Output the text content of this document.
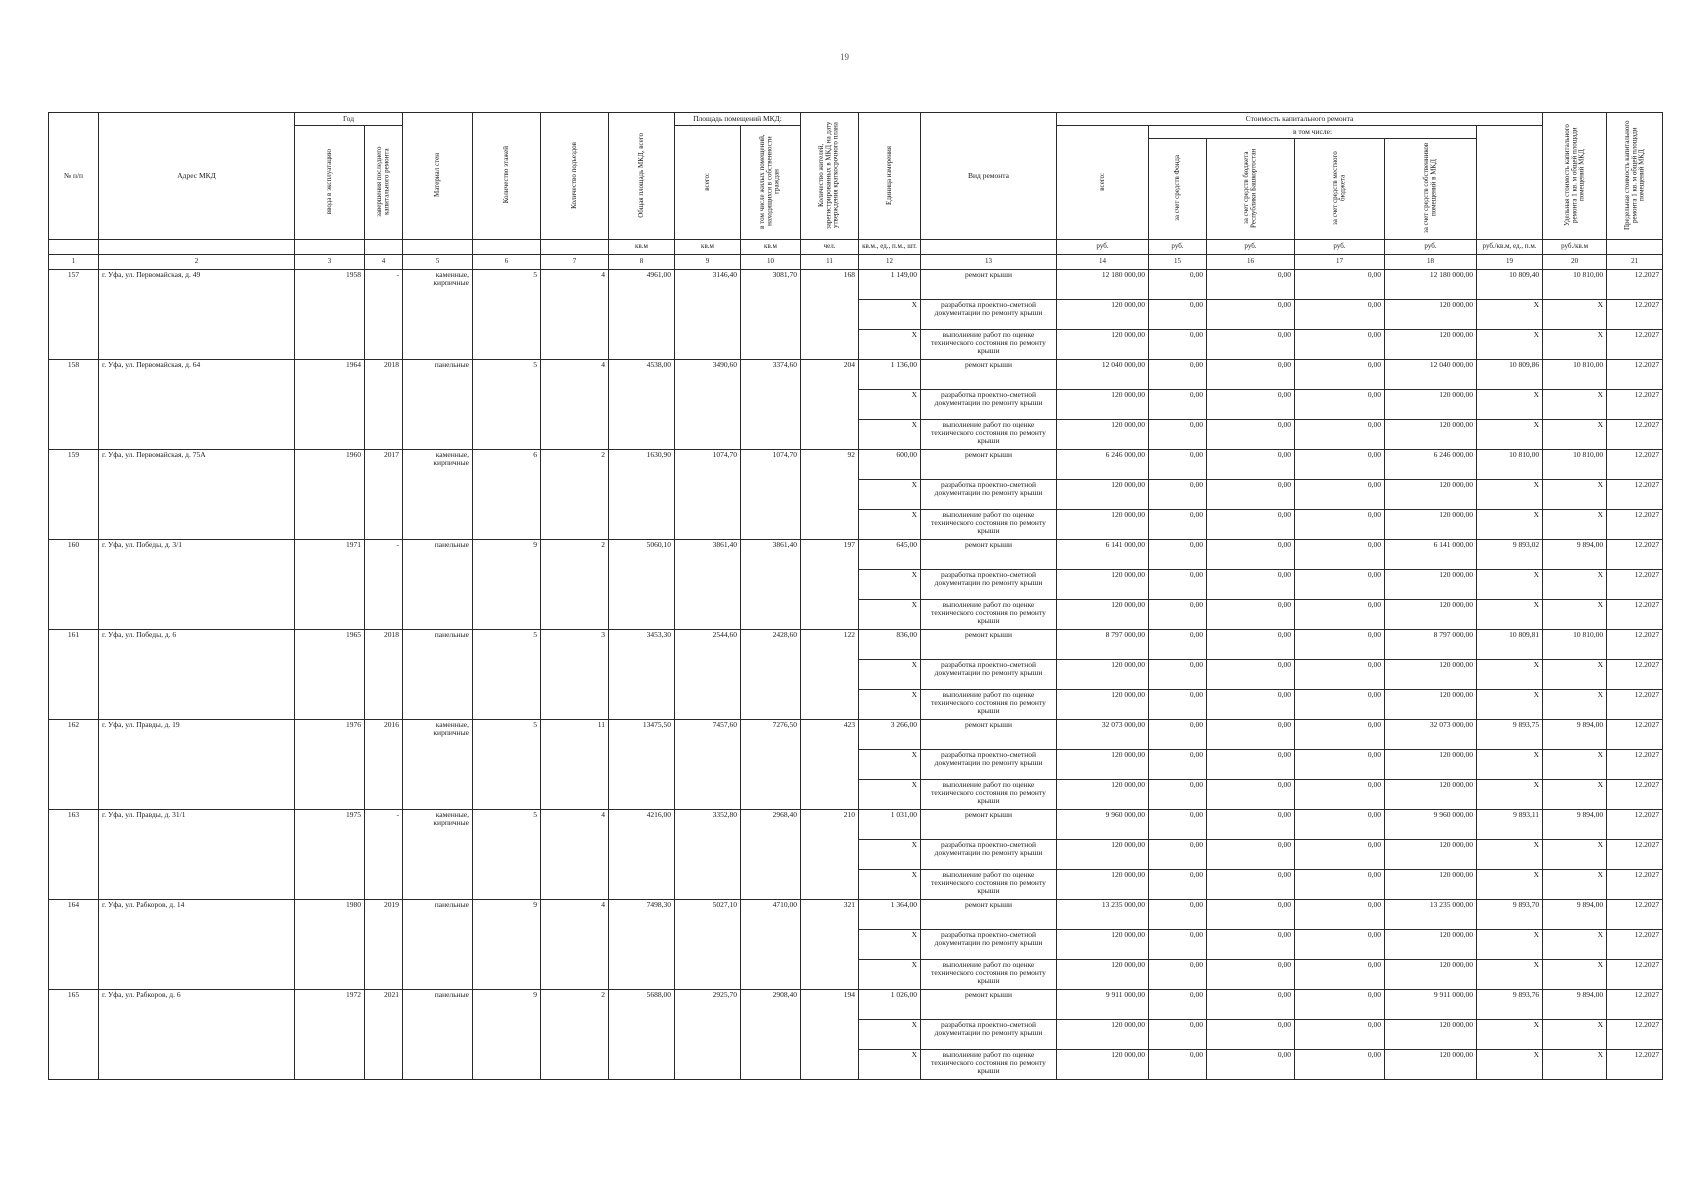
19
№ п/п	Адрес МКД	Год		Материал стен	Количество этажей	Количество подъездов	Общая площадь МКД, всего	Площадь помещений МКД:		Количество жителей, зарегистрированных в МКД на дату утверждения краткосрочного плана	Единица измерения	Вид ремонта	Стоимость капитального ремонта						Удельная стоимость капитального ремонта 1 кв. м общей площади помещений МКД	Предельная стоимость капитального ремонта 1 кв. м общей площади помещений МКД	
		ввода в эксплуатацию	завершения последнего капитального ремонта					всего:	в том числе жилых помещений, находящихся в собственности граждан				всего:	в том числе:							
														за счет средств Фонда	за счет средств бюджета Республики Башкортостан	за счет средств местного бюджета	за счет средств собственников помещений в МКД				
							кв.м	кв.м	кв.м	чел.	кв.м., ед., п.м., шт.		руб.	руб.	руб.	руб.	руб.	руб./кв.м, ед., п.м.	руб./кв.м		
1	2	3	4	5	6	7	8	9	10	11	12	13	14	15	16	17	18	19	20	21	
157	г. Уфа, ул. Первомайская, д. 49	1958	-	каменные, кирпичные	5	4	4961,00	3146,40	3081,70	168	1 149,00	ремонт крыши	12 180 000,00	0,00	0,00	0,00	12 180 000,00	10 809,40	10 810,00	12.2027	
											X	разработка проектно-сметной документации по ремонту крыши	120 000,00	0,00	0,00	0,00	120 000,00	X	X	12.2027	
											X	выполнение работ по оценке технического состояния по ремонту крыши	120 000,00	0,00	0,00	0,00	120 000,00	X	X	12.2027	
158	г. Уфа, ул. Первомайская, д. 64	1964	2018	панельные	5	4	4538,00	3490,60	3374,60	204	1 136,00	ремонт крыши	12 040 000,00	0,00	0,00	0,00	12 040 000,00	10 809,86	10 810,00	12.2027	
											X	разработка проектно-сметной документации по ремонту крыши	120 000,00	0,00	0,00	0,00	120 000,00	X	X	12.2027	
											X	выполнение работ по оценке технического состояния по ремонту крыши	120 000,00	0,00	0,00	0,00	120 000,00	X	X	12.2027	
159	г. Уфа, ул. Первомайская, д. 75А	1960	2017	каменные, кирпичные	6	2	1630,90	1074,70	1074,70	92	600,00	ремонт крыши	6 246 000,00	0,00	0,00	0,00	6 246 000,00	10 810,00	10 810,00	12.2027	
											X	разработка проектно-сметной документации по ремонту крыши	120 000,00	0,00	0,00	0,00	120 000,00	X	X	12.2027	
											X	выполнение работ по оценке технического состояния по ремонту крыши	120 000,00	0,00	0,00	0,00	120 000,00	X	X	12.2027	
160	г. Уфа, ул. Победы, д. 3/1	1971	-	панельные	9	2	5060,10	3861,40	3861,40	197	645,00	ремонт крыши	6 141 000,00	0,00	0,00	0,00	6 141 000,00	9 893,02	9 894,00	12.2027	
											X	разработка проектно-сметной документации по ремонту крыши	120 000,00	0,00	0,00	0,00	120 000,00	X	X	12.2027	
											X	выполнение работ по оценке технического состояния по ремонту крыши	120 000,00	0,00	0,00	0,00	120 000,00	X	X	12.2027	
161	г. Уфа, ул. Победы, д. 6	1965	2018	панельные	5	3	3453,30	2544,60	2428,60	122	836,00	ремонт крыши	8 797 000,00	0,00	0,00	0,00	8 797 000,00	10 809,81	10 810,00	12.2027	
											X	разработка проектно-сметной документации по ремонту крыши	120 000,00	0,00	0,00	0,00	120 000,00	X	X	12.2027	
											X	выполнение работ по оценке технического состояния по ремонту крыши	120 000,00	0,00	0,00	0,00	120 000,00	X	X	12.2027	
162	г. Уфа, ул. Правды, д. 19	1976	2016	каменные, кирпичные	5	11	13475,50	7457,60	7276,50	423	3 266,00	ремонт крыши	32 073 000,00	0,00	0,00	0,00	32 073 000,00	9 893,75	9 894,00	12.2027	
											X	разработка проектно-сметной документации по ремонту крыши	120 000,00	0,00	0,00	0,00	120 000,00	X	X	12.2027	
											X	выполнение работ по оценке технического состояния по ремонту крыши	120 000,00	0,00	0,00	0,00	120 000,00	X	X	12.2027	
163	г. Уфа, ул. Правды, д. 31/1	1975	-	каменные, кирпичные	5	4	4216,00	3352,80	2968,40	210	1 031,00	ремонт крыши	9 960 000,00	0,00	0,00	0,00	9 960 000,00	9 893,11	9 894,00	12.2027	
											X	разработка проектно-сметной документации по ремонту крыши	120 000,00	0,00	0,00	0,00	120 000,00	X	X	12.2027	
											X	выполнение работ по оценке технического состояния по ремонту крыши	120 000,00	0,00	0,00	0,00	120 000,00	X	X	12.2027	
164	г. Уфа, ул. Рабкоров, д. 14	1980	2019	панельные	9	4	7498,30	5027,10	4710,00	321	1 364,00	ремонт крыши	13 235 000,00	0,00	0,00	0,00	13 235 000,00	9 893,70	9 894,00	12.2027	
											X	разработка проектно-сметной документации по ремонту крыши	120 000,00	0,00	0,00	0,00	120 000,00	X	X	12.2027	
											X	выполнение работ по оценке технического состояния по ремонту крыши	120 000,00	0,00	0,00	0,00	120 000,00	X	X	12.2027	
165	г. Уфа, ул. Рабкоров, д. 6	1972	2021	панельные	9	2	5688,00	2925,70	2908,40	194	1 026,00	ремонт крыши	9 911 000,00	0,00	0,00	0,00	9 911 000,00	9 893,76	9 894,00	12.2027	
											X	разработка проектно-сметной документации по ремонту крыши	120 000,00	0,00	0,00	0,00	120 000,00	X	X	12.2027	
											X	выполнение работ по оценке технического состояния по ремонту крыши	120 000,00	0,00	0,00	0,00	120 000,00	X	X	12.2027	
